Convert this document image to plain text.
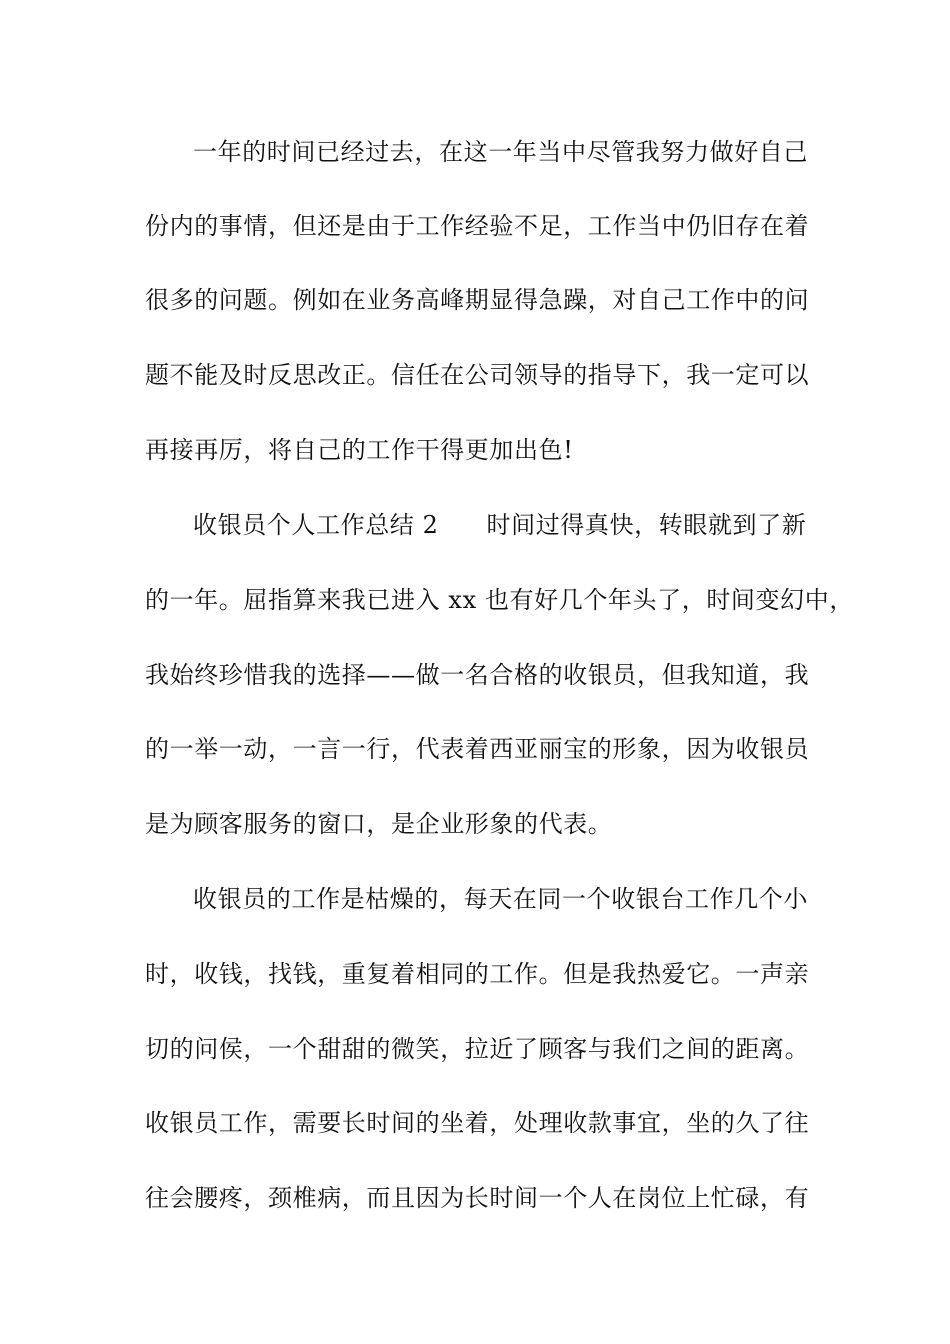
一年的时间已经过去，在这一年当中尽管我努力做好自己
份内的事情，但还是由于工作经验不足，工作当中仍旧存在着
很多的问题。例如在业务高峰期显得急躁，对自己工作中的问
题不能及时反思改正。信任在公司领导的指导下，我一定可以
再接再厉，将自己的工作干得更加出色!
收银员个人工作总结 2 时间过得真快，转眼就到了新
的一年。屈指算来我已进入 xx 也有好几个年头了，时间变幻中，
我始终珍惜我的选择——做一名合格的收银员，但我知道，我
的一举一动，一言一行，代表着西亚丽宝的形象，因为收银员
是为顾客服务的窗口，是企业形象的代表。
收银员的工作是枯燥的，每天在同一个收银台工作几个小
时，收钱，找钱，重复着相同的工作。但是我热爱它。一声亲
切的问侯，一个甜甜的微笑，拉近了顾客与我们之间的距离。
收银员工作，需要长时间的坐着，处理收款事宜，坐的久了往
往会腰疼，颈椎病，而且因为长时间一个人在岗位上忙碌，有
